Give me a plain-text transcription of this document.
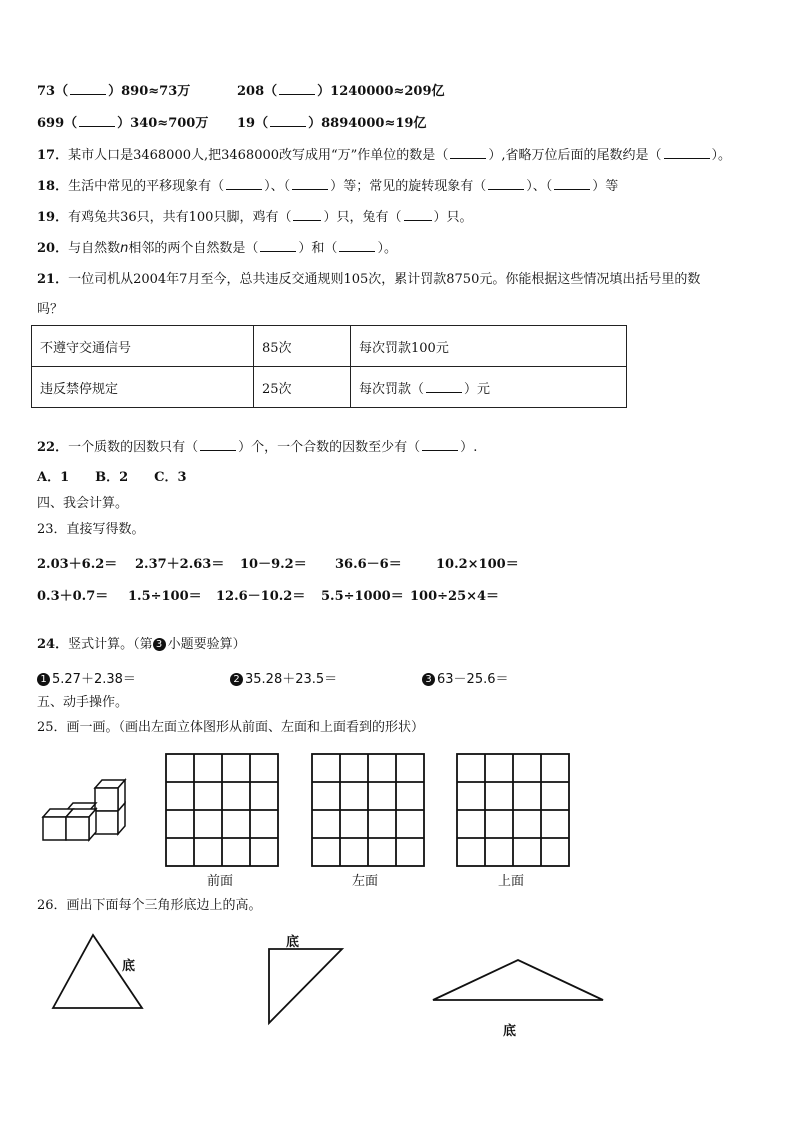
73（	）890≈73万	208（	）1240000≈209亿
699（	）340≈700万 19（	）8894000≈19亿
17．某市人口是3468000人,把3468000改写成用“万”作单位的数是（	）,省略万位后面的尾数约是（	）。
18．生活中常见的平移现象有（	）、（	）等；常见的旋转现象有（	）、（	）等
19．有鸡兔共36只，共有100只脚，鸡有（ ）只，兔有（ ）只。
20．与自然数n相邻的两个自然数是（	）和（	）。
21．一位司机从2004年7月至今，总共违反交通规则105次，累计罚款8750元。你能根据这些情况填出括号里的数
吗？
不遵守交通信号	85次	每次罚款100元
违反禁停规定	25次	每次罚款（ ）元
22．一个质数的因数只有（	）个，一个合数的因数至少有（	）.
A．1　　B．2　　C．3
四、我会计算。
23．直接写得数。
2.03＋6.2＝ 2.37＋2.63＝ 10－9.2＝ 36.6－6＝	10.2×100＝
0.3＋0.7＝ 1.5÷100＝ 12.6－10.2＝ 5.5÷1000＝ 100÷25×4＝
24．竖式计算。（第 3 小题要验算）
1 5.27＋2.38＝	2 35.28＋23.5＝	3 63－25.6＝
五、动手操作。
25．画一画。（画出左面立体图形从前面、左面和上面看到的形状）
前面	左面	上面
26．画出下面每个三角形底边上的高。
底
底
底
